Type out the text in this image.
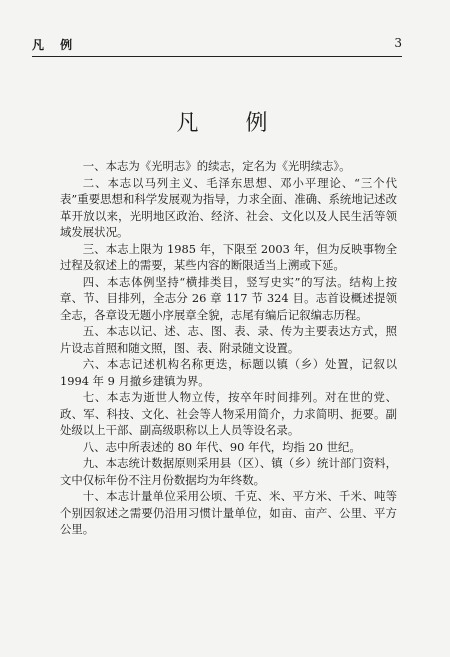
凡 例	3
凡 例

一、本志为《光明志》的续志，定名为《光明续志》。

二、本志以马列主义、毛泽东思想、邓小平理论、“三个代表”重要思想和科学发展观为指导，力求全面、准确、系统地记述改革开放以来，光明地区政治、经济、社会、文化以及人民生活等领域发展状况。

三、本志上限为 1985 年，下限至 2003 年，但为反映事物全过程及叙述上的需要，某些内容的断限适当上溯或下延。

四、本志体例坚持“横排类目，竖写史实”的写法。结构上按章、节、目排列，全志分 26 章 117 节 324 目。志首设概述提领全志，各章设无题小序展章全貌，志尾有编后记叙编志历程。

五、本志以记、述、志、图、表、录、传为主要表达方式，照片设志首照和随文照，图、表、附录随文设置。

六、本志记述机构名称更迭，标题以镇（乡）处置，记叙以 1994 年 9 月撤乡建镇为界。

七、本志为逝世人物立传，按卒年时间排列。对在世的党、政、军、科技、文化、社会等人物采用简介，力求简明、扼要。副处级以上干部、副高级职称以上人员等设名录。

八、志中所表述的 80 年代、90 年代，均指 20 世纪。

九、本志统计数据原则采用县（区）、镇（乡）统计部门资料，文中仅标年份不注月份数据均为年终数。

十、本志计量单位采用公顷、千克、米、平方米、千米、吨等个别因叙述之需要仍沿用习惯计量单位，如亩、亩产、公里、平方公里。
